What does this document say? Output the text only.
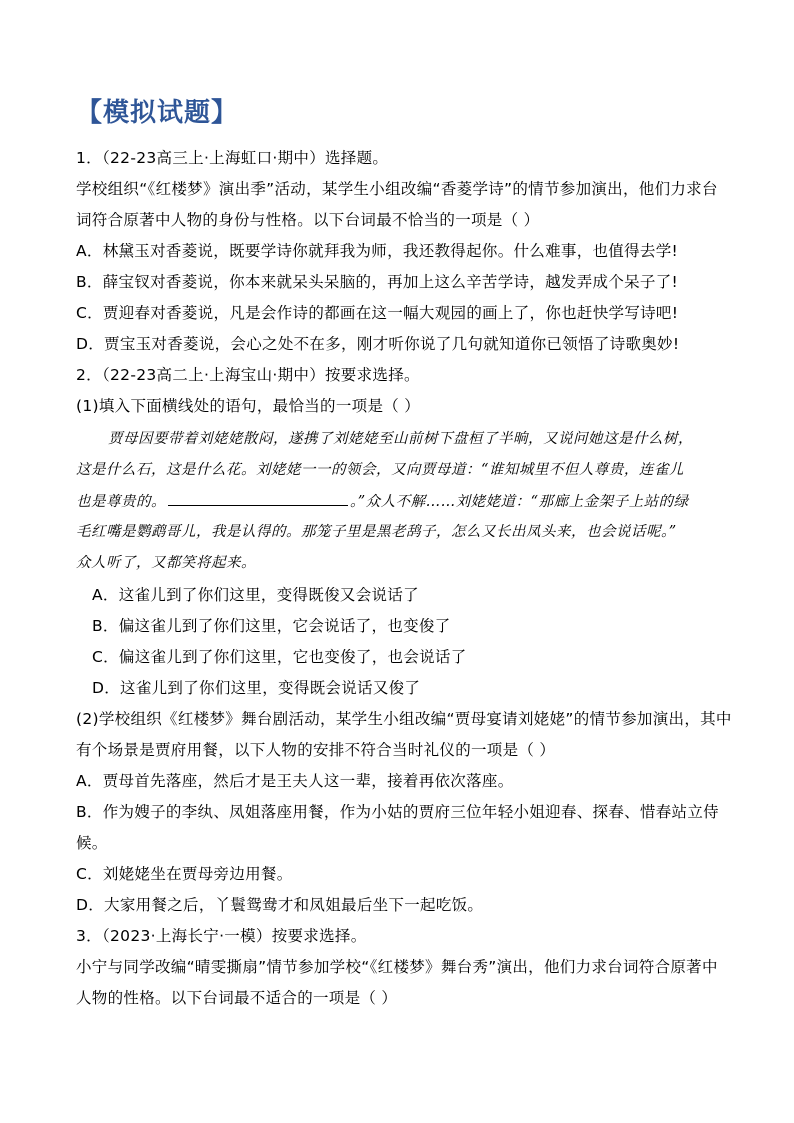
【模拟试题】
1．（22-23高三上·上海虹口·期中）选择题。
学校组织“《红楼梦》演出季”活动，某学生小组改编“香菱学诗”的情节参加演出，他们力求台
词符合原著中人物的身份与性格。以下台词最不恰当的一项是（ ）
A．林黛玉对香菱说，既要学诗你就拜我为师，我还教得起你。什么难事，也值得去学!
B．薛宝钗对香菱说，你本来就呆头呆脑的，再加上这么辛苦学诗，越发弄成个呆子了!
C．贾迎春对香菱说，凡是会作诗的都画在这一幅大观园的画上了，你也赶快学写诗吧!
D．贾宝玉对香菱说，会心之处不在多，刚才听你说了几句就知道你已领悟了诗歌奥妙!
2．（22-23高二上·上海宝山·期中）按要求选择。
(1)填入下面横线处的语句，最恰当的一项是（ ）
贾母因要带着刘姥姥散闷，遂携了刘姥姥至山前树下盘桓了半晌，又说问她这是什么树，
这是什么石，这是什么花。刘姥姥一一的领会，又向贾母道：“谁知城里不但人尊贵，连雀儿
也是尊贵的。	。”众人不解……刘姥姥道：“那廊上金架子上站的绿
毛红嘴是鹦鹉哥儿，我是认得的。那笼子里是黑老鸹子，怎么又长出凤头来，也会说话呢。”
众人听了，又都笑将起来。
A．这雀儿到了你们这里，变得既俊又会说话了
B．偏这雀儿到了你们这里，它会说话了，也变俊了
C．偏这雀儿到了你们这里，它也变俊了，也会说话了
D．这雀儿到了你们这里，变得既会说话又俊了
(2)学校组织《红楼梦》舞台剧活动，某学生小组改编“贾母宴请刘姥姥”的情节参加演出，其中
有个场景是贾府用餐，以下人物的安排不符合当时礼仪的一项是（ ）
A．贾母首先落座，然后才是王夫人这一辈，接着再依次落座。
B．作为嫂子的李纨、凤姐落座用餐，作为小姑的贾府三位年轻小姐迎春、探春、惜春站立侍
候。
C．刘姥姥坐在贾母旁边用餐。
D．大家用餐之后，丫鬟鸳鸯才和凤姐最后坐下一起吃饭。
3．（2023·上海长宁·一模）按要求选择。
小宁与同学改编“晴雯撕扇”情节参加学校“《红楼梦》舞台秀”演出，他们力求台词符合原著中
人物的性格。以下台词最不适合的一项是（ ）
